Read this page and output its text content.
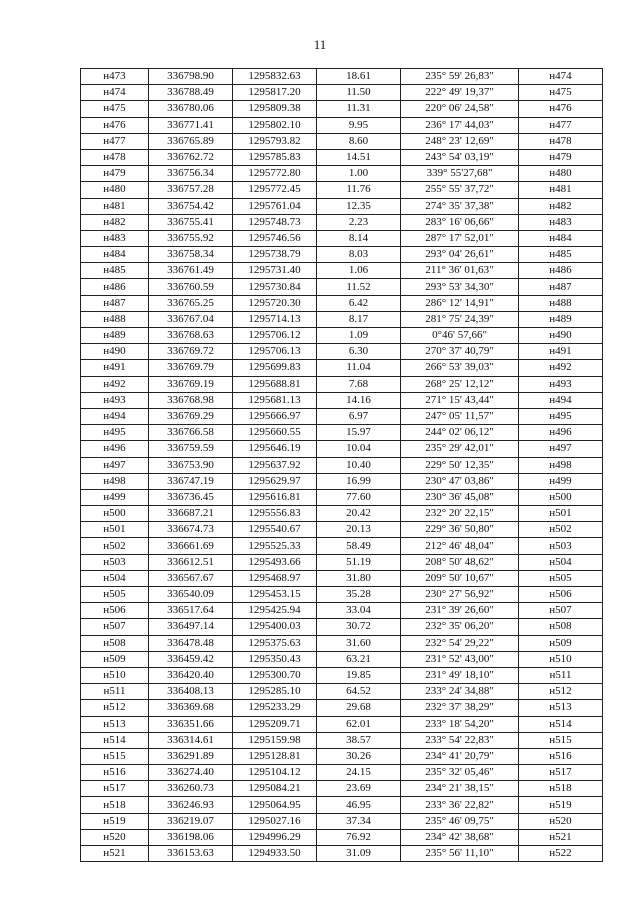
11
н473	336798.90	1295832.63	18.61	235° 59' 26,83"	н474
н474	336788.49	1295817.20	11.50	222° 49' 19,37"	н475
н475	336780.06	1295809.38	11.31	220° 06' 24,58"	н476
н476	336771.41	1295802.10	9.95	236° 17' 44,03"	н477
н477	336765.89	1295793.82	8.60	248° 23' 12,69"	н478
н478	336762.72	1295785.83	14.51	243° 54' 03,19"	н479
н479	336756.34	1295772.80	1.00	339° 55'27,68"	н480
н480	336757.28	1295772.45	11.76	255° 55' 37,72"	н481
н481	336754.42	1295761.04	12.35	274° 35' 37,38"	н482
н482	336755.41	1295748.73	2.23	283° 16' 06,66"	н483
н483	336755.92	1295746.56	8.14	287° 17' 52,01"	н484
н484	336758.34	1295738.79	8.03	293° 04' 26,61"	н485
н485	336761.49	1295731.40	1.06	211° 36' 01,63"	н486
н486	336760.59	1295730.84	11.52	293° 53' 34,30"	н487
н487	336765.25	1295720.30	6.42	286° 12' 14,91"	н488
н488	336767.04	1295714.13	8.17	281° 75' 24,39"	н489
н489	336768.63	1295706.12	1.09	0°46' 57,66"	н490
н490	336769.72	1295706.13	6.30	270° 37' 40,79"	н491
н491	336769.79	1295699.83	11.04	266° 53' 39,03"	н492
н492	336769.19	1295688.81	7.68	268° 25' 12,12"	н493
н493	336768.98	1295681.13	14.16	271° 15' 43,44"	н494
н494	336769.29	1295666.97	6.97	247° 05' 11,57"	н495
н495	336766.58	1295660.55	15.97	244° 02' 06,12"	н496
н496	336759.59	1295646.19	10.04	235° 29' 42,01"	н497
н497	336753.90	1295637.92	10.40	229° 50' 12,35"	н498
н498	336747.19	1295629.97	16.99	230° 47' 03,86"	н499
н499	336736.45	1295616.81	77.60	230° 36' 45,08"	н500
н500	336687.21	1295556.83	20.42	232° 20' 22,15"	н501
н501	336674.73	1295540.67	20.13	229° 36' 50,80"	н502
н502	336661.69	1295525.33	58.49	212° 46' 48,04"	н503
н503	336612.51	1295493.66	51.19	208° 50' 48,62"	н504
н504	336567.67	1295468.97	31.80	209° 50' 10,67"	н505
н505	336540.09	1295453.15	35.28	230° 27' 56,92"	н506
н506	336517.64	1295425.94	33.04	231° 39' 26,60"	н507
н507	336497.14	1295400.03	30.72	232° 35' 06,20"	н508
н508	336478.48	1295375.63	31.60	232° 54' 29,22"	н509
н509	336459.42	1295350.43	63.21	231° 52' 43,00"	н510
н510	336420.40	1295300.70	19.85	231° 49' 18,10"	н511
н511	336408.13	1295285.10	64.52	233° 24' 34,88"	н512
н512	336369.68	1295233.29	29.68	232° 37' 38,29"	н513
н513	336351.66	1295209.71	62.01	233° 18' 54,20"	н514
н514	336314.61	1295159.98	38.57	233° 54' 22,83"	н515
н515	336291.89	1295128.81	30.26	234° 41' 20,79"	н516
н516	336274.40	1295104.12	24.15	235° 32' 05,46"	н517
н517	336260.73	1295084.21	23.69	234° 21' 38,15"	н518
н518	336246.93	1295064.95	46.95	233° 36' 22,82"	н519
н519	336219.07	1295027.16	37.34	235° 46' 09,75"	н520
н520	336198.06	1294996.29	76.92	234° 42' 38,68"	н521
н521	336153.63	1294933.50	31.09	235° 56' 11,10"	н522
